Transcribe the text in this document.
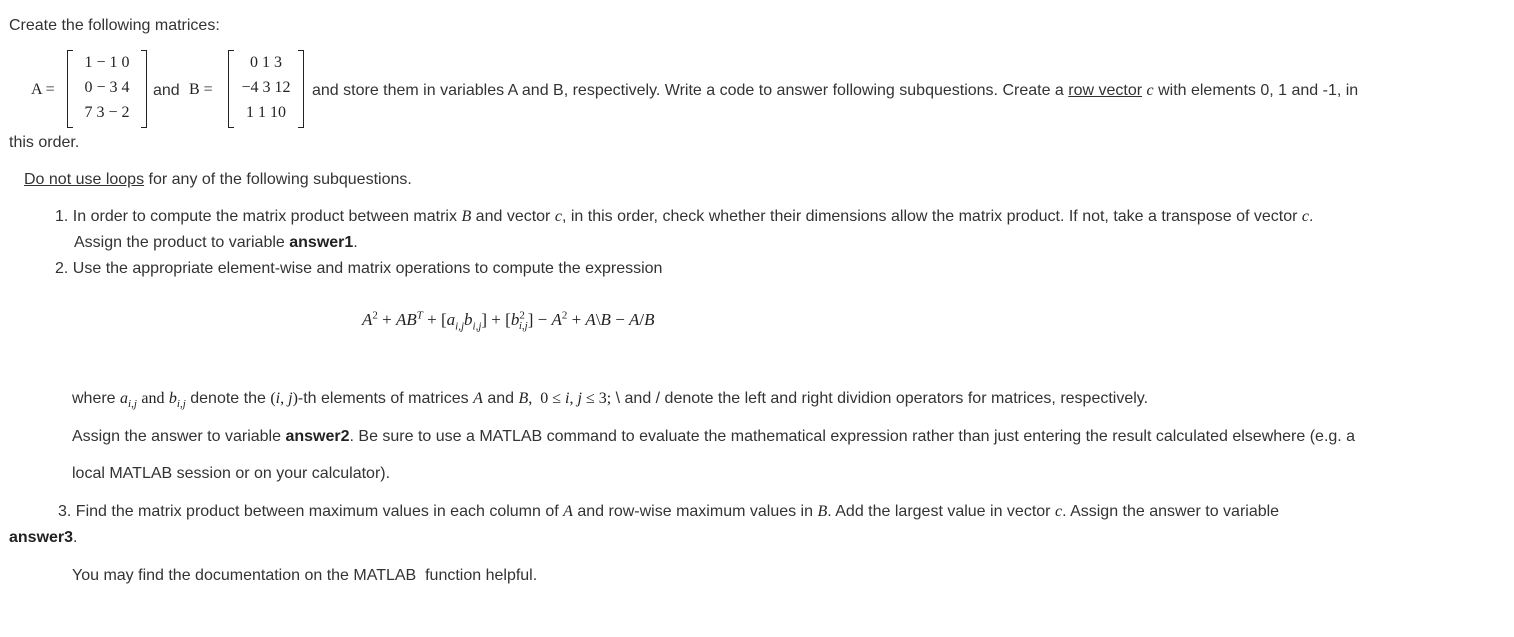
Create the following matrices:
A =
1 − 1 0
0 − 3 4
7 3 − 2
and B =
0 1 3
−4 3 12
1 1 10
and store them in variables A and B, respectively. Write a code to answer following subquestions. Create a row vector c with elements 0, 1 and -1, in
this order.
Do not use loops for any of the following subquestions.
1. In order to compute the matrix product between matrix B and vector c, in this order, check whether their dimensions allow the matrix product. If not, take a transpose of vector c.
Assign the product to variable answer1.
2. Use the appropriate element-wise and matrix operations to compute the expression
$A^2 + AB^T + [a_{i,j}b_{i,j}] + [b^2_{i,j}] - A^2$ + A\B − A/B
where $a_{i,j}$ and $b_{i,j}$ denote the (i, j)-th elements of matrices A and B,  0 ≤ i, j ≤ 3; \ and / denote the left and right dividion operators for matrices, respectively.
Assign the answer to variable answer2. Be sure to use a MATLAB command to evaluate the mathematical expression rather than just entering the result calculated elsewhere (e.g. a
local MATLAB session or on your calculator).
3. Find the matrix product between maximum values in each column of A and row-wise maximum values in B. Add the largest value in vector c. Assign the answer to variable
answer3.
You may find the documentation on the MATLAB  function helpful.
